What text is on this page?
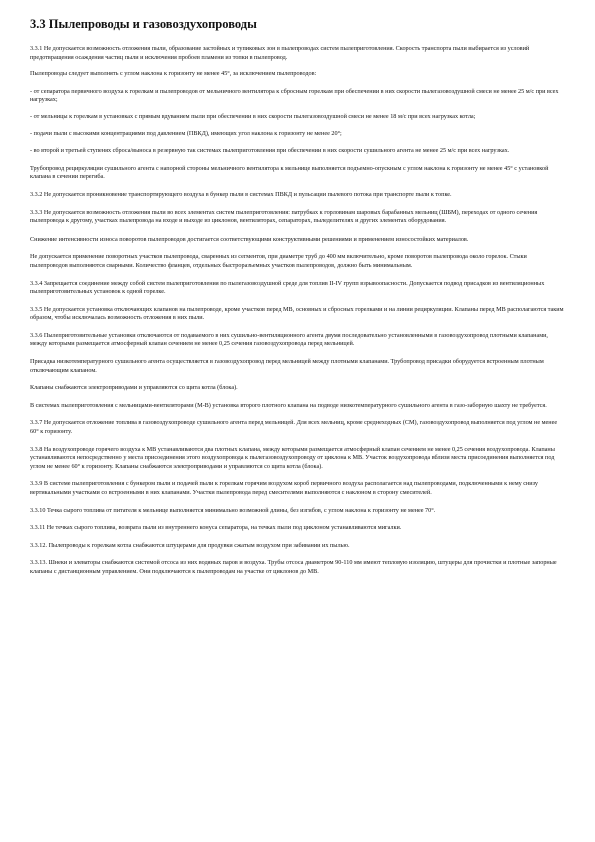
3.3 Пылепроводы и газовоздухопроводы

3.3.1 Не допускается возможность отложения пыли, образование застойных и тупиковых зон в пылепроводах систем пылеприготовления. Скорость транспорта пыли выбирается из условий предотвращения осаждения частиц пыли и исключения пробоев пламени из топки в пылепровод.

Пылепроводы следует выполнять с углом наклона к горизонту не менее 45°, за исключением пылепроводов:

- от сепаратора первичного воздуха к горелкам и пылепроводов от мельничного вентилятора к сбросным горелкам при обеспечении в них скорости пылегазовоздушной смеси не менее 25 м/с при всех нагрузках;

- от мельницы к горелкам в установках с прямым вдуванием пыли при обеспечении в них скорости пылегазовоздушной смеси не менее 18 м/с при всех нагрузках котла;

- подачи пыли с высокими концентрациями под давлением (ПВКД), имеющих угол наклона к горизонту не менее 20°;

- во второй и третьей ступенях сброса/выноса в резервную так системах пылеприготовления при обеспечении в них скорости сушильного агента не менее 25 м/с при всех нагрузках.

Трубопровод рециркуляции сушильного агента с напорной стороны мельничного вентилятора к мельнице выполняется подъемно-опускным с углом наклона к горизонту не менее 45° с установкой клапана в сечении перегиба.

3.3.2 Не допускается проникновение транспортирующего воздуха в бункер пыли в системах ПВКД и пульсации пылевого потока при транспорте пыли к топке.

3.3.3 Не допускается возможность отложения пыли во всех элементах систем пылеприготовления: патрубках к горловинам шаровых барабанных мельниц (ШБМ), переходах от одного сечения пылепровода к другому, участках пылепровода на входе и выходе из циклонов, вентиляторах, сепараторах, пыледелителях и других элементах оборудования.

Снижение интенсивности износа поворотов пылепроводов достигается соответствующими конструктивными решениями и применением износостойких материалов.

Не допускается применение поворотных участков пылепровода, сваренных из сегментов, при диаметре труб до 400 мм включительно, кроме поворотов пылепровода около горелок. Стыки пылепроводов выполняются сварными. Количество фланцев, отдельных быстроразъемных участков пылепроводов, должно быть минимальным.

3.3.4 Запрещается соединение между собой систем пылеприготовления по пылегазовоздушной среде для топлив II-IV групп взрывоопасности. Допускается подвод присадков из вентиляционных пылеприготовительных установок к одной горелке.

3.3.5 Не допускается установка отключающих клапанов на пылепроводе, кроме участков перед МВ, основных и сбросных горелками и на линии рециркуляции. Клапаны перед МВ располагаются таким образом, чтобы исключалась возможность отложения в них пыли.

3.3.6 Пылеприготовительные установки отключаются от подаваемого в них сушильно-вентиляционного агента двумя последовательно установленными в газовоздухопровод плотными клапанами, между которыми размещается атмосферный клапан сечением не менее 0,25 сечения газовоздухопровода перед мельницей.

Присадка низкотемпературного сушильного агента осуществляется в газовоздухопровод перед мельницей между плотными клапанами. Трубопровод присадки оборудуется встроенным плотным отключающим клапаном.

Клапаны снабжаются электроприводами и управляются со щита котла (блока).

В системах пылеприготовления с мельницами-вентиляторами (М-В) установка второго плотного клапана на подводе низкотемпературного сушильного агента в газо-заборную шахту не требуется.

3.3.7 Не допускается отложение топлива в газовоздухопроводе сушильного агента перед мельницей. Для всех мельниц, кроме среднеходных (СМ), газовоздухопровод выполняется под углом не менее 60° к горизонту.

3.3.8 На воздухопроводе горячего воздуха к МВ устанавливаются два плотных клапана, между которыми размещается атмосферный клапан сечением не менее 0,25 сечения воздухопровода. Клапаны устанавливаются непосредственно у места присоединения этого воздухопровода к пылегазовоздухопроводу от циклона к МВ. Участок воздухопровода вблизи места присоединения выполняется под углом не менее 60° к горизонту. Клапаны снабжаются электроприводами и управляются со щита котла (блока).

3.3.9 В системе пылеприготовления с бункером пыли и подачей пыли к горелкам горячим воздухом короб первичного воздуха располагается над пылепроводами, подключенными к нему снизу вертикальными участками со встроенными в них клапанами. Участки пылепровода перед смесителями выполняются с наклоном в сторону смесителей.

3.3.10 Течка сырого топлива от питателя к мельнице выполняется минимально возможной длины, без изгибов, с углом наклона к горизонту не менее 70°.

3.3.11 Не течках сырого топлива, возврата пыли из внутреннего конуса сепаратора, на течках пыли под циклоном устанавливаются мигалки.

3.3.12. Пылепроводы к горелкам котла снабжаются штуцерами для продувки сжатым воздухом при забивании их пылью.

3.3.13. Шнеки и элеваторы снабжаются системой отсоса из них водяных паров и воздуха. Трубы отсоса диаметром 90-110 мм имеют тепловую изоляцию, штуцеры для прочистки и плотные запорные клапаны с дистанционным управлением. Они подключаются к пылепроводам на участке от циклонов до МВ.
